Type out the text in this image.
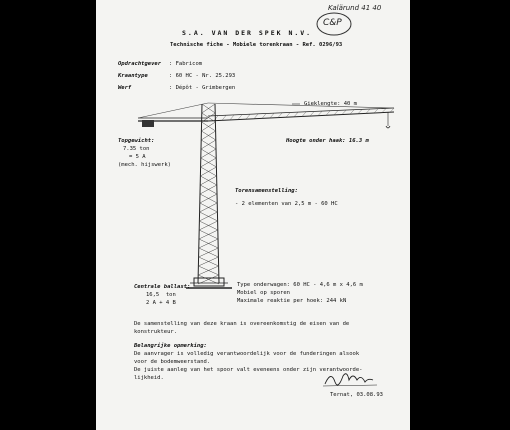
Kalärund 41 40
C&P
S.A. VAN DER SPEK N.V.
Technische fiche - Mobiele torenkraan - Ref. 0296/93
Opdrachtgever : Fabricom
Kraantype	: 60 HC - Nr. 25.293
Werf	: Dépôt - Grimbergen
Gieklengte: 40 m
Hoogte onder haak: 16.3 m
Topgewicht:
7.35 ton
= 5 A
(mech. hijswerk)
Torensamenstelling:
- 2 elementen van 2,5 m - 60 HC
Centrale ballast:
16,5  ton
2 A + 4 B
Type onderwagen: 60 HC - 4,6 m x 4,6 m
Mobiel op sporen
Maximale reaktie per hoek: 244 kN
De samenstelling van deze kraan is overeenkomstig de eisen van de
konstrukteur.
Belangrijke opmerking:
De aanvrager is volledig verantwoordelijk voor de funderingen alsook
voor de bodemweerstand.
De juiste aanleg van het spoor valt eveneens onder zijn verantwoorde-
lijkheid.
Ternat, 03.08.93
